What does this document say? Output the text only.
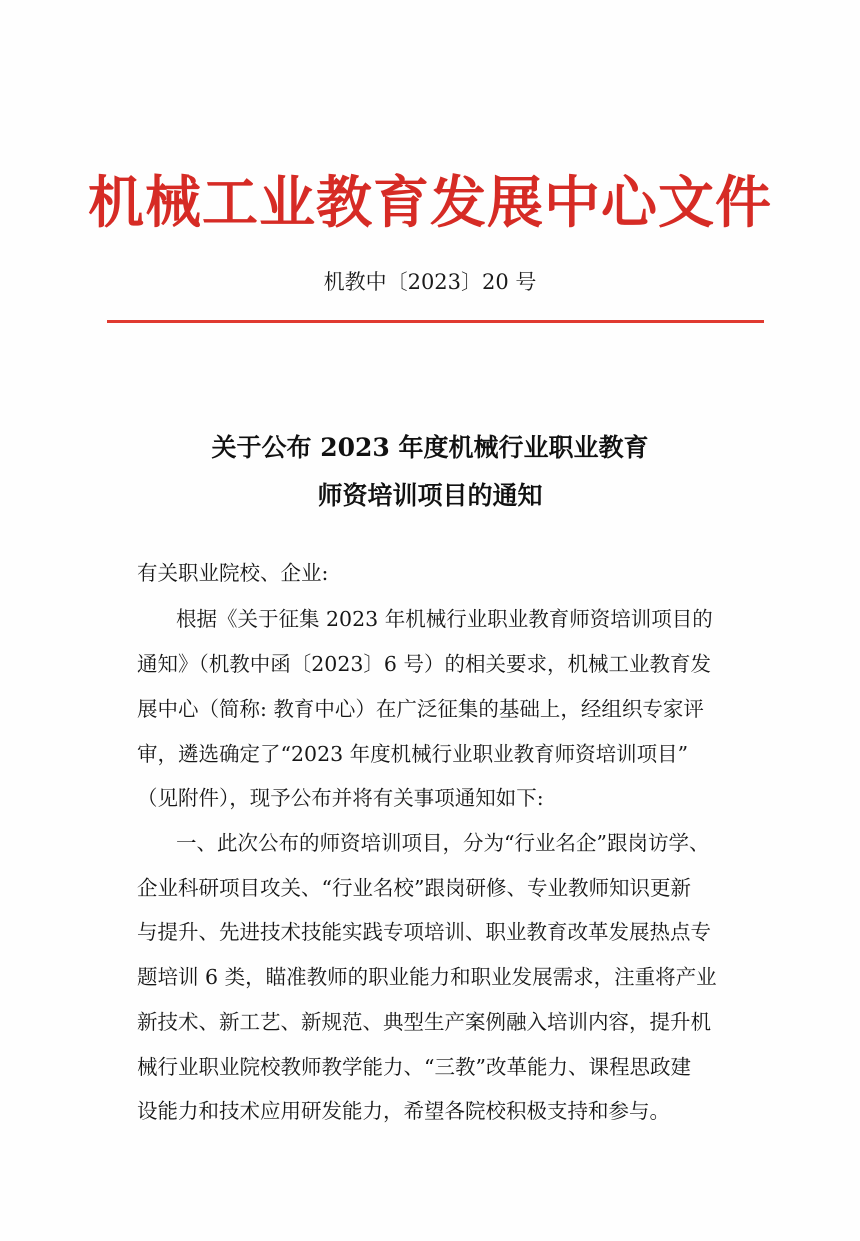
机械工业教育发展中心文件
机教中〔2023〕20 号
关于公布 2023 年度机械行业职业教育
师资培训项目的通知
有关职业院校、企业:
根据《关于征集 2023 年机械行业职业教育师资培训项目的
通知》（机教中函〔2023〕6 号）的相关要求，机械工业教育发
展中心（简称: 教育中心）在广泛征集的基础上，经组织专家评
审，遴选确定了“2023 年度机械行业职业教育师资培训项目”
（见附件），现予公布并将有关事项通知如下:
一、此次公布的师资培训项目，分为“行业名企”跟岗访学、
企业科研项目攻关、“行业名校”跟岗研修、专业教师知识更新
与提升、先进技术技能实践专项培训、职业教育改革发展热点专
题培训 6 类，瞄准教师的职业能力和职业发展需求，注重将产业
新技术、新工艺、新规范、典型生产案例融入培训内容，提升机
械行业职业院校教师教学能力、“三教”改革能力、课程思政建
设能力和技术应用研发能力，希望各院校积极支持和参与。
